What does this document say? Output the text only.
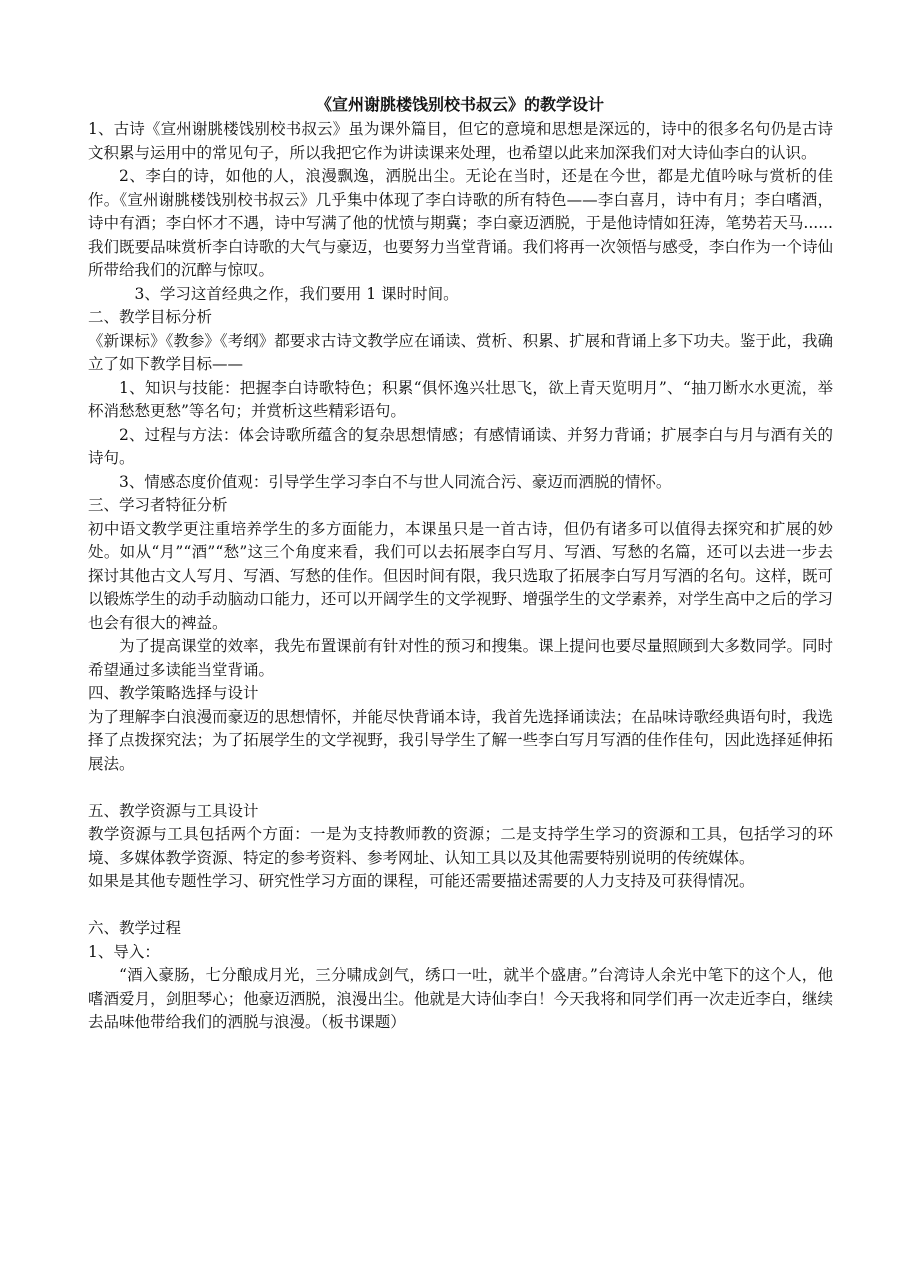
《宣州谢朓楼饯别校书叔云》的教学设计

1、古诗《宣州谢朓楼饯别校书叔云》虽为课外篇目，但它的意境和思想是深远的，诗中的很多名句仍是古诗文积累与运用中的常见句子，所以我把它作为讲读课来处理，也希望以此来加深我们对大诗仙李白的认识。

2、李白的诗，如他的人，浪漫飘逸，洒脱出尘。无论在当时，还是在今世，都是尤值吟咏与赏析的佳作。《宣州谢朓楼饯别校书叔云》几乎集中体现了李白诗歌的所有特色——李白喜月，诗中有月；李白嗜酒，诗中有酒；李白怀才不遇，诗中写满了他的忧愤与期冀；李白豪迈洒脱，于是他诗情如狂涛，笔势若天马......我们既要品味赏析李白诗歌的大气与豪迈，也要努力当堂背诵。我们将再一次领悟与感受，李白作为一个诗仙所带给我们的沉醉与惊叹。

3、学习这首经典之作，我们要用 1 课时时间。

二、教学目标分析

《新课标》《教参》《考纲》都要求古诗文教学应在诵读、赏析、积累、扩展和背诵上多下功夫。鉴于此，我确立了如下教学目标——

1、知识与技能：把握李白诗歌特色；积累“俱怀逸兴壮思飞，欲上青天览明月”、“抽刀断水水更流，举杯消愁愁更愁”等名句；并赏析这些精彩语句。

2、过程与方法：体会诗歌所蕴含的复杂思想情感；有感情诵读、并努力背诵；扩展李白与月与酒有关的诗句。

3、情感态度价值观：引导学生学习李白不与世人同流合污、豪迈而洒脱的情怀。

三、学习者特征分析

初中语文教学更注重培养学生的多方面能力，本课虽只是一首古诗，但仍有诸多可以值得去探究和扩展的妙处。如从“月”“酒”“愁”这三个角度来看，我们可以去拓展李白写月、写酒、写愁的名篇，还可以去进一步去探讨其他古文人写月、写酒、写愁的佳作。但因时间有限，我只选取了拓展李白写月写酒的名句。这样，既可以锻炼学生的动手动脑动口能力，还可以开阔学生的文学视野、增强学生的文学素养，对学生高中之后的学习也会有很大的裨益。

为了提高课堂的效率，我先布置课前有针对性的预习和搜集。课上提问也要尽量照顾到大多数同学。同时希望通过多读能当堂背诵。

四、教学策略选择与设计

为了理解李白浪漫而豪迈的思想情怀，并能尽快背诵本诗，我首先选择诵读法；在品味诗歌经典语句时，我选择了点拨探究法；为了拓展学生的文学视野，我引导学生了解一些李白写月写酒的佳作佳句，因此选择延伸拓展法。

五、教学资源与工具设计

教学资源与工具包括两个方面：一是为支持教师教的资源；二是支持学生学习的资源和工具，包括学习的环境、多媒体教学资源、特定的参考资料、参考网址、认知工具以及其他需要特别说明的传统媒体。

如果是其他专题性学习、研究性学习方面的课程，可能还需要描述需要的人力支持及可获得情况。

六、教学过程

1、导入：

“酒入豪肠，七分酿成月光，三分啸成剑气，绣口一吐，就半个盛唐。”台湾诗人余光中笔下的这个人，他嗜酒爱月，剑胆琴心；他豪迈洒脱，浪漫出尘。他就是大诗仙李白！今天我将和同学们再一次走近李白，继续去品味他带给我们的洒脱与浪漫。（板书课题）
